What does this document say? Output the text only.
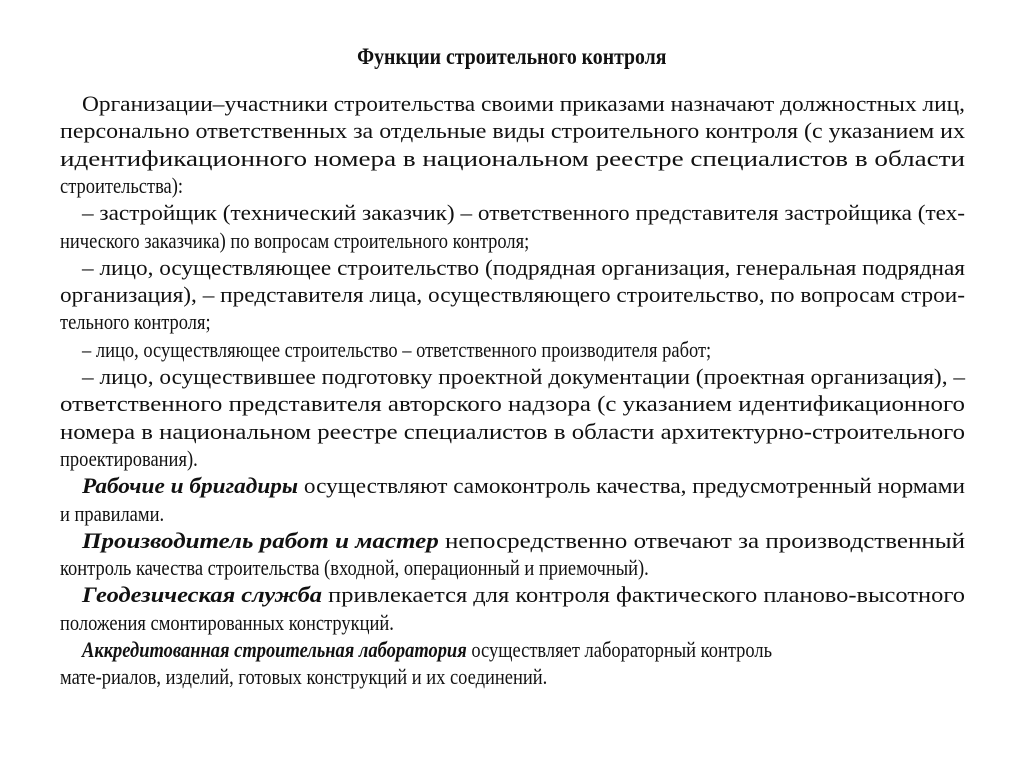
Функции строительного контроля
Организации–участники строительства своими приказами назначают должностных лиц,
персонально ответственных за отдельные виды строительного контроля (с указанием их
идентификационного номера в национальном реестре специалистов в области
строительства):
– застройщик (технический заказчик) – ответственного представителя застройщика (тех-
нического заказчика) по вопросам строительного контроля;
– лицо, осуществляющее строительство (подрядная организация, генеральная подрядная
организация), – представителя лица, осуществляющего строительство, по вопросам строи-
тельного контроля;
– лицо, осуществляющее строительство – ответственного производителя работ;
– лицо, осуществившее подготовку проектной документации (проектная организация), –
ответственного представителя авторского надзора (с указанием идентификационного
номера в национальном реестре специалистов в области архитектурно-строительного
проектирования).
Рабочие и бригадиры осуществляют самоконтроль качества, предусмотренный нормами
и правилами.
Производитель работ и мастер непосредственно отвечают за производственный
контроль качества строительства (входной, операционный и приемочный).
Геодезическая служба привлекается для контроля фактического планово-высотного
положения смонтированных конструкций.
Аккредитованная строительная лаборатория осуществляет лабораторный контроль
мате-риалов, изделий, готовых конструкций и их соединений.
